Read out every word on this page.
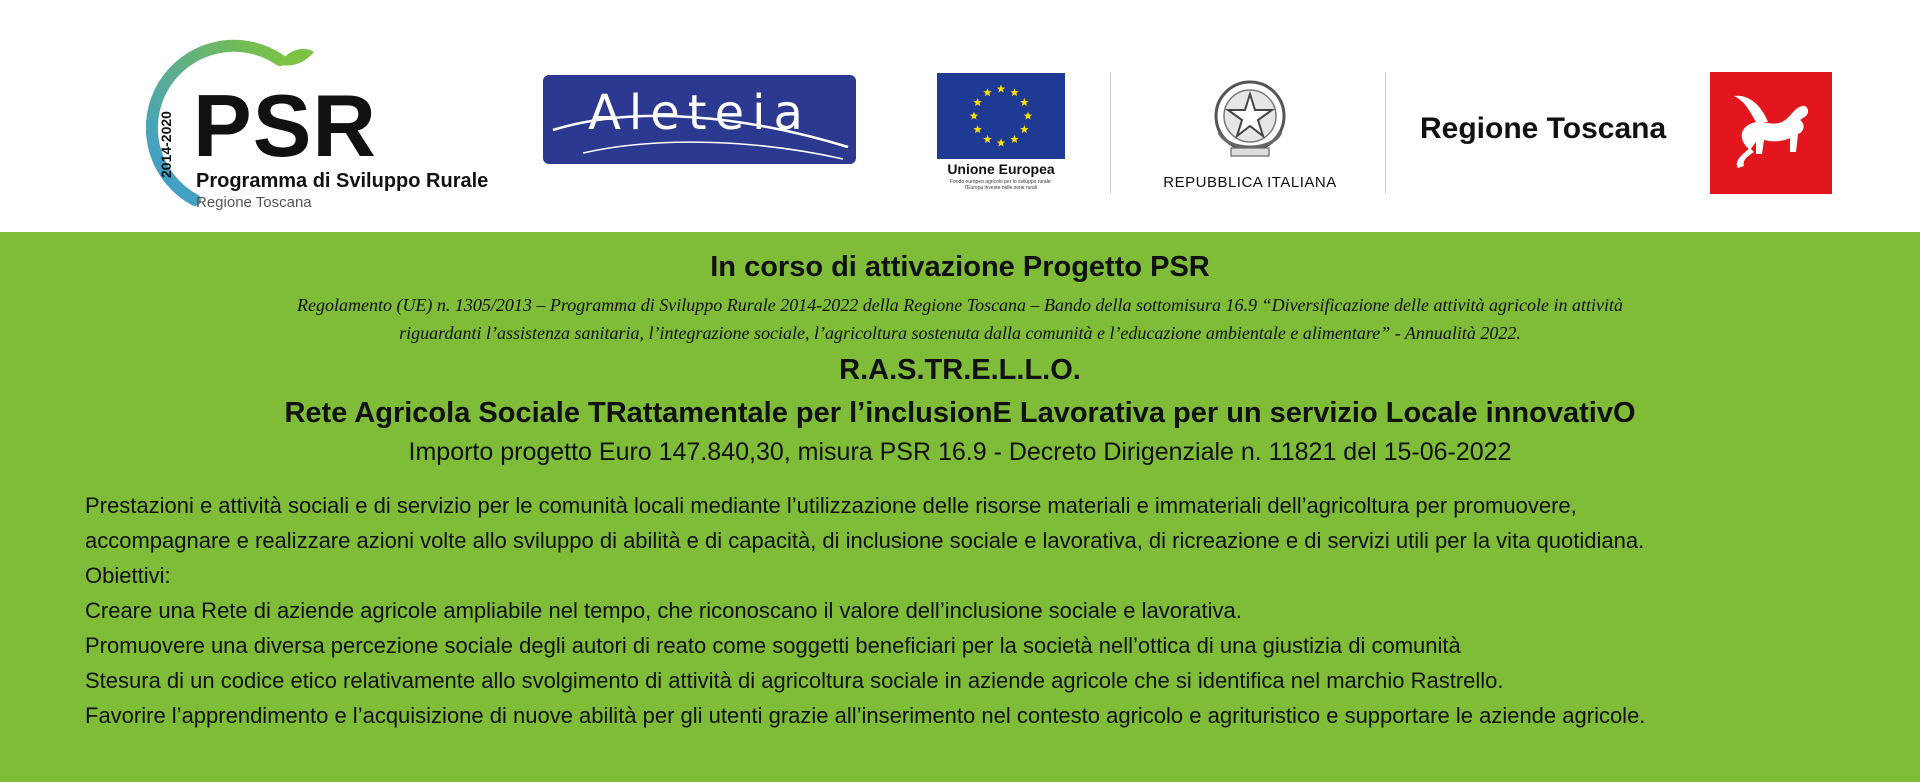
2014-2020 PSR
Programma di Sviluppo Rurale
Regione Toscana
Aleteia
Unione Europea
Fondo europeo agricolo per lo sviluppo rurale:
l'Europa investe nelle zone rurali	REPUBBLICA ITALIANA
Regione Toscana
In corso di attivazione Progetto PSR
Regolamento (UE) n. 1305/2013 – Programma di Sviluppo Rurale 2014-2022 della Regione Toscana – Bando della sottomisura 16.9 “Diversificazione delle attività agricole in attività
riguardanti l’assistenza sanitaria, l’integrazione sociale, l’agricoltura sostenuta dalla comunità e l’educazione ambientale e alimentare” - Annualità 2022.
R.A.S.TR.E.L.L.O.
Rete Agricola Sociale TRattamentale per l’inclusionE Lavorativa per un servizio Locale innovativO
Importo progetto Euro 147.840,30, misura PSR 16.9 - Decreto Dirigenziale n. 11821 del 15-06-2022

Prestazioni e attività sociali e di servizio per le comunità locali mediante l’utilizzazione delle risorse materiali e immateriali dell’agricoltura per promuovere,

accompagnare e realizzare azioni volte allo sviluppo di abilità e di capacità, di inclusione sociale e lavorativa, di ricreazione e di servizi utili per la vita quotidiana.

Obiettivi:

Creare una Rete di aziende agricole ampliabile nel tempo, che riconoscano il valore dell’inclusione sociale e lavorativa.

Promuovere una diversa percezione sociale degli autori di reato come soggetti beneficiari per la società nell’ottica di una giustizia di comunità

Stesura di un codice etico relativamente allo svolgimento di attività di agricoltura sociale in aziende agricole che si identifica nel marchio Rastrello.

Favorire l’apprendimento e l’acquisizione di nuove abilità per gli utenti grazie all’inserimento nel contesto agricolo e agrituristico e supportare le aziende agricole.
